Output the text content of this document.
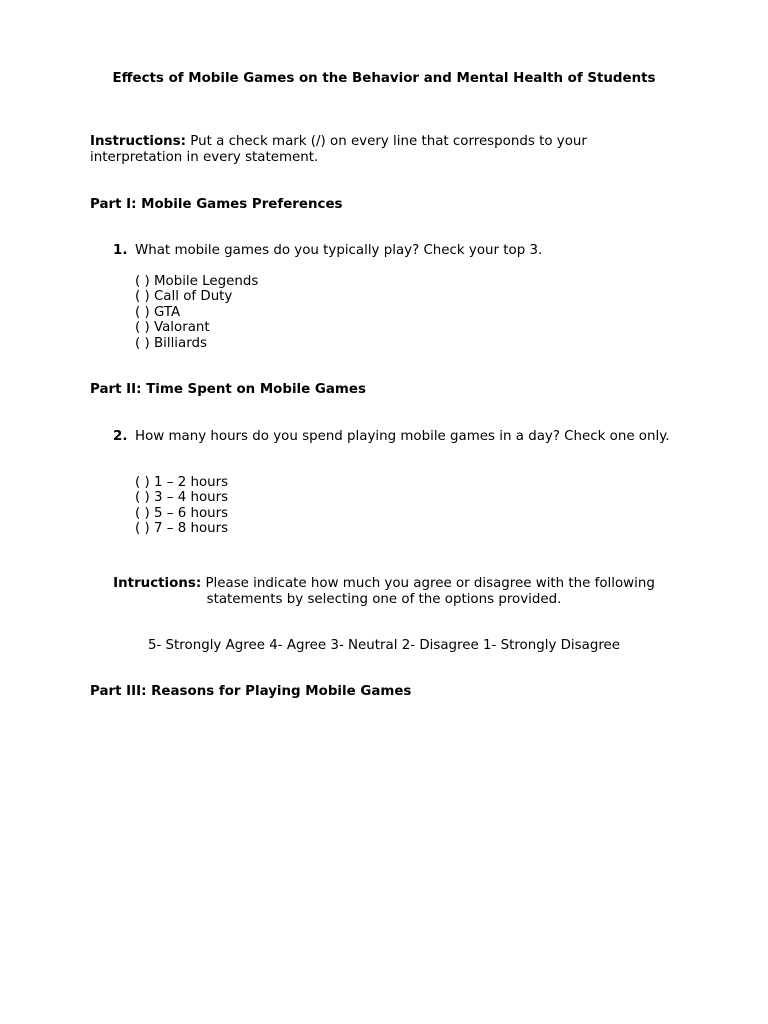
Effects of Mobile Games on the Behavior and Mental Health of Students
Instructions: Put a check mark (/) on every line that corresponds to your interpretation in every statement.
Part I: Mobile Games Preferences
1. What mobile games do you typically play? Check your top 3.
( ) Mobile Legends
( ) Call of Duty
( ) GTA
( ) Valorant
( ) Billiards
Part II: Time Spent on Mobile Games
2. How many hours do you spend playing mobile games in a day? Check one only.
( ) 1 – 2 hours
( ) 3 – 4 hours
( ) 5 – 6 hours
( ) 7 – 8 hours
Intructions: Please indicate how much you agree or disagree with the following statements by selecting one of the options provided.
5- Strongly Agree 4- Agree 3- Neutral 2- Disagree 1- Strongly Disagree
Part III: Reasons for Playing Mobile Games
